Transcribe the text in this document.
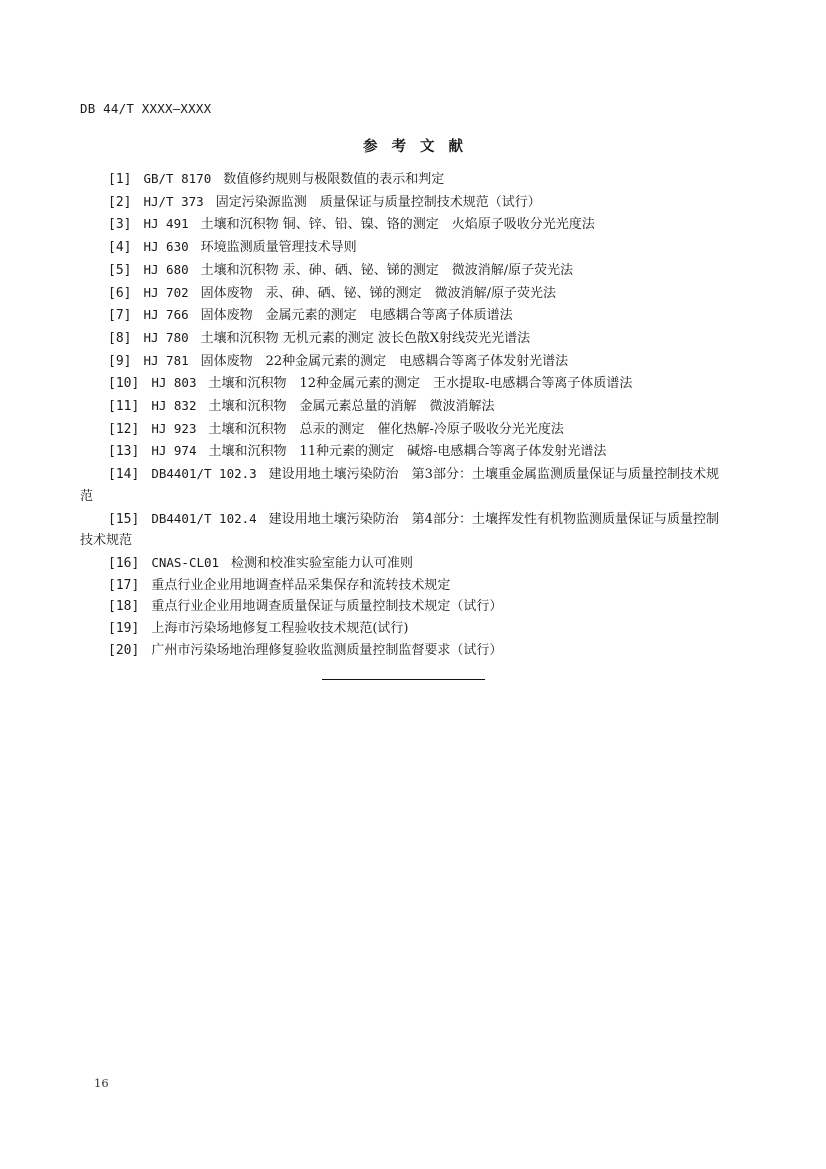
DB 44/T XXXX—XXXX
参考文献
[1] GB/T 8170 数值修约规则与极限数值的表示和判定
[2] HJ/T 373 固定污染源监测　质量保证与质量控制技术规范（试行）
[3] HJ 491 土壤和沉积物 铜、锌、铅、镍、铬的测定　火焰原子吸收分光光度法
[4] HJ 630 环境监测质量管理技术导则
[5] HJ 680 土壤和沉积物 汞、砷、硒、铋、锑的测定　微波消解/原子荧光法
[6] HJ 702 固体废物　汞、砷、硒、铋、锑的测定　微波消解/原子荧光法
[7] HJ 766 固体废物　金属元素的测定　电感耦合等离子体质谱法
[8] HJ 780 土壤和沉积物 无机元素的测定 波长色散X射线荧光光谱法
[9] HJ 781 固体废物　22种金属元素的测定　电感耦合等离子体发射光谱法
[10] HJ 803 土壤和沉积物　12种金属元素的测定　王水提取-电感耦合等离子体质谱法
[11] HJ 832 土壤和沉积物　金属元素总量的消解　微波消解法
[12] HJ 923 土壤和沉积物　总汞的测定　催化热解-冷原子吸收分光光度法
[13] HJ 974 土壤和沉积物　11种元素的测定　碱熔-电感耦合等离子体发射光谱法
[14] DB4401/T 102.3 建设用地土壤污染防治　第3部分：土壤重金属监测质量保证与质量控制技术规范
[15] DB4401/T 102.4 建设用地土壤污染防治　第4部分：土壤挥发性有机物监测质量保证与质量控制技术规范
[16] CNAS-CL01 检测和校准实验室能力认可准则
[17] 重点行业企业用地调查样品采集保存和流转技术规定
[18] 重点行业企业用地调查质量保证与质量控制技术规定（试行）
[19] 上海市污染场地修复工程验收技术规范(试行)
[20] 广州市污染场地治理修复验收监测质量控制监督要求（试行）
16
